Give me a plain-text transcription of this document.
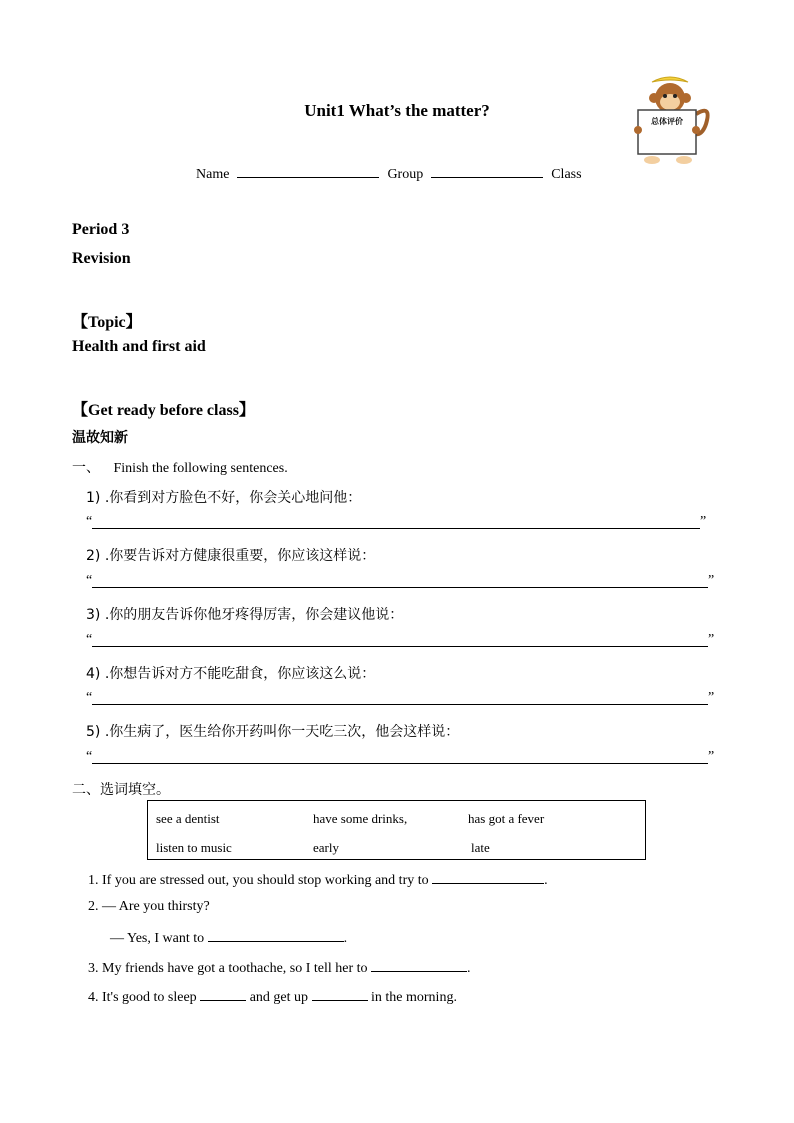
Unit1 What’s the matter?
总体评价
Name	Group	Class
Period 3
Revision
【Topic】
Health and first aid
【Get ready before class】
温故知新
一、 Finish the following sentences.
1) .你看到对方脸色不好，你会关心地问他：
“	”
2) .你要告诉对方健康很重要，你应该这样说：
“	”
3) .你的朋友告诉你他牙疼得厉害，你会建议他说：
“	”
4) .你想告诉对方不能吃甜食，你应该这么说：
“	”
5) .你生病了，医生给你开药叫你一天吃三次，他会这样说：
“	”
二、选词填空。
see a dentist	have some drinks,	has got a fever
listen to music	early	late
1. If you are stressed out, you should stop working and try to	.
2. — Are you thirsty?
— Yes, I want to	.
3. My friends have got a toothache, so I tell her to	.
4. It's good to sleep	and get up	in the morning.
